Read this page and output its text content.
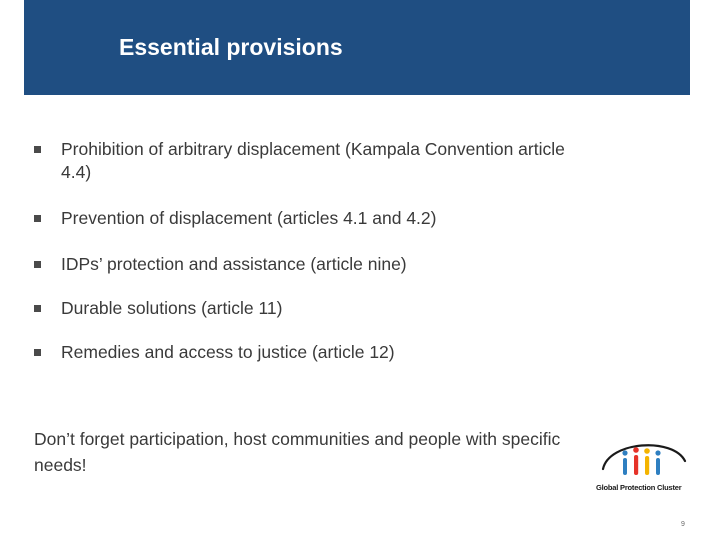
Essential provisions
Prohibition of arbitrary displacement (Kampala Convention article 4.4)
Prevention of displacement (articles 4.1 and 4.2)
IDPs’ protection and assistance (article nine)
Durable solutions (article 11)
Remedies and access to justice (article 12)
Don’t forget participation, host communities and people with specific needs!
Global Protection Cluster
9
